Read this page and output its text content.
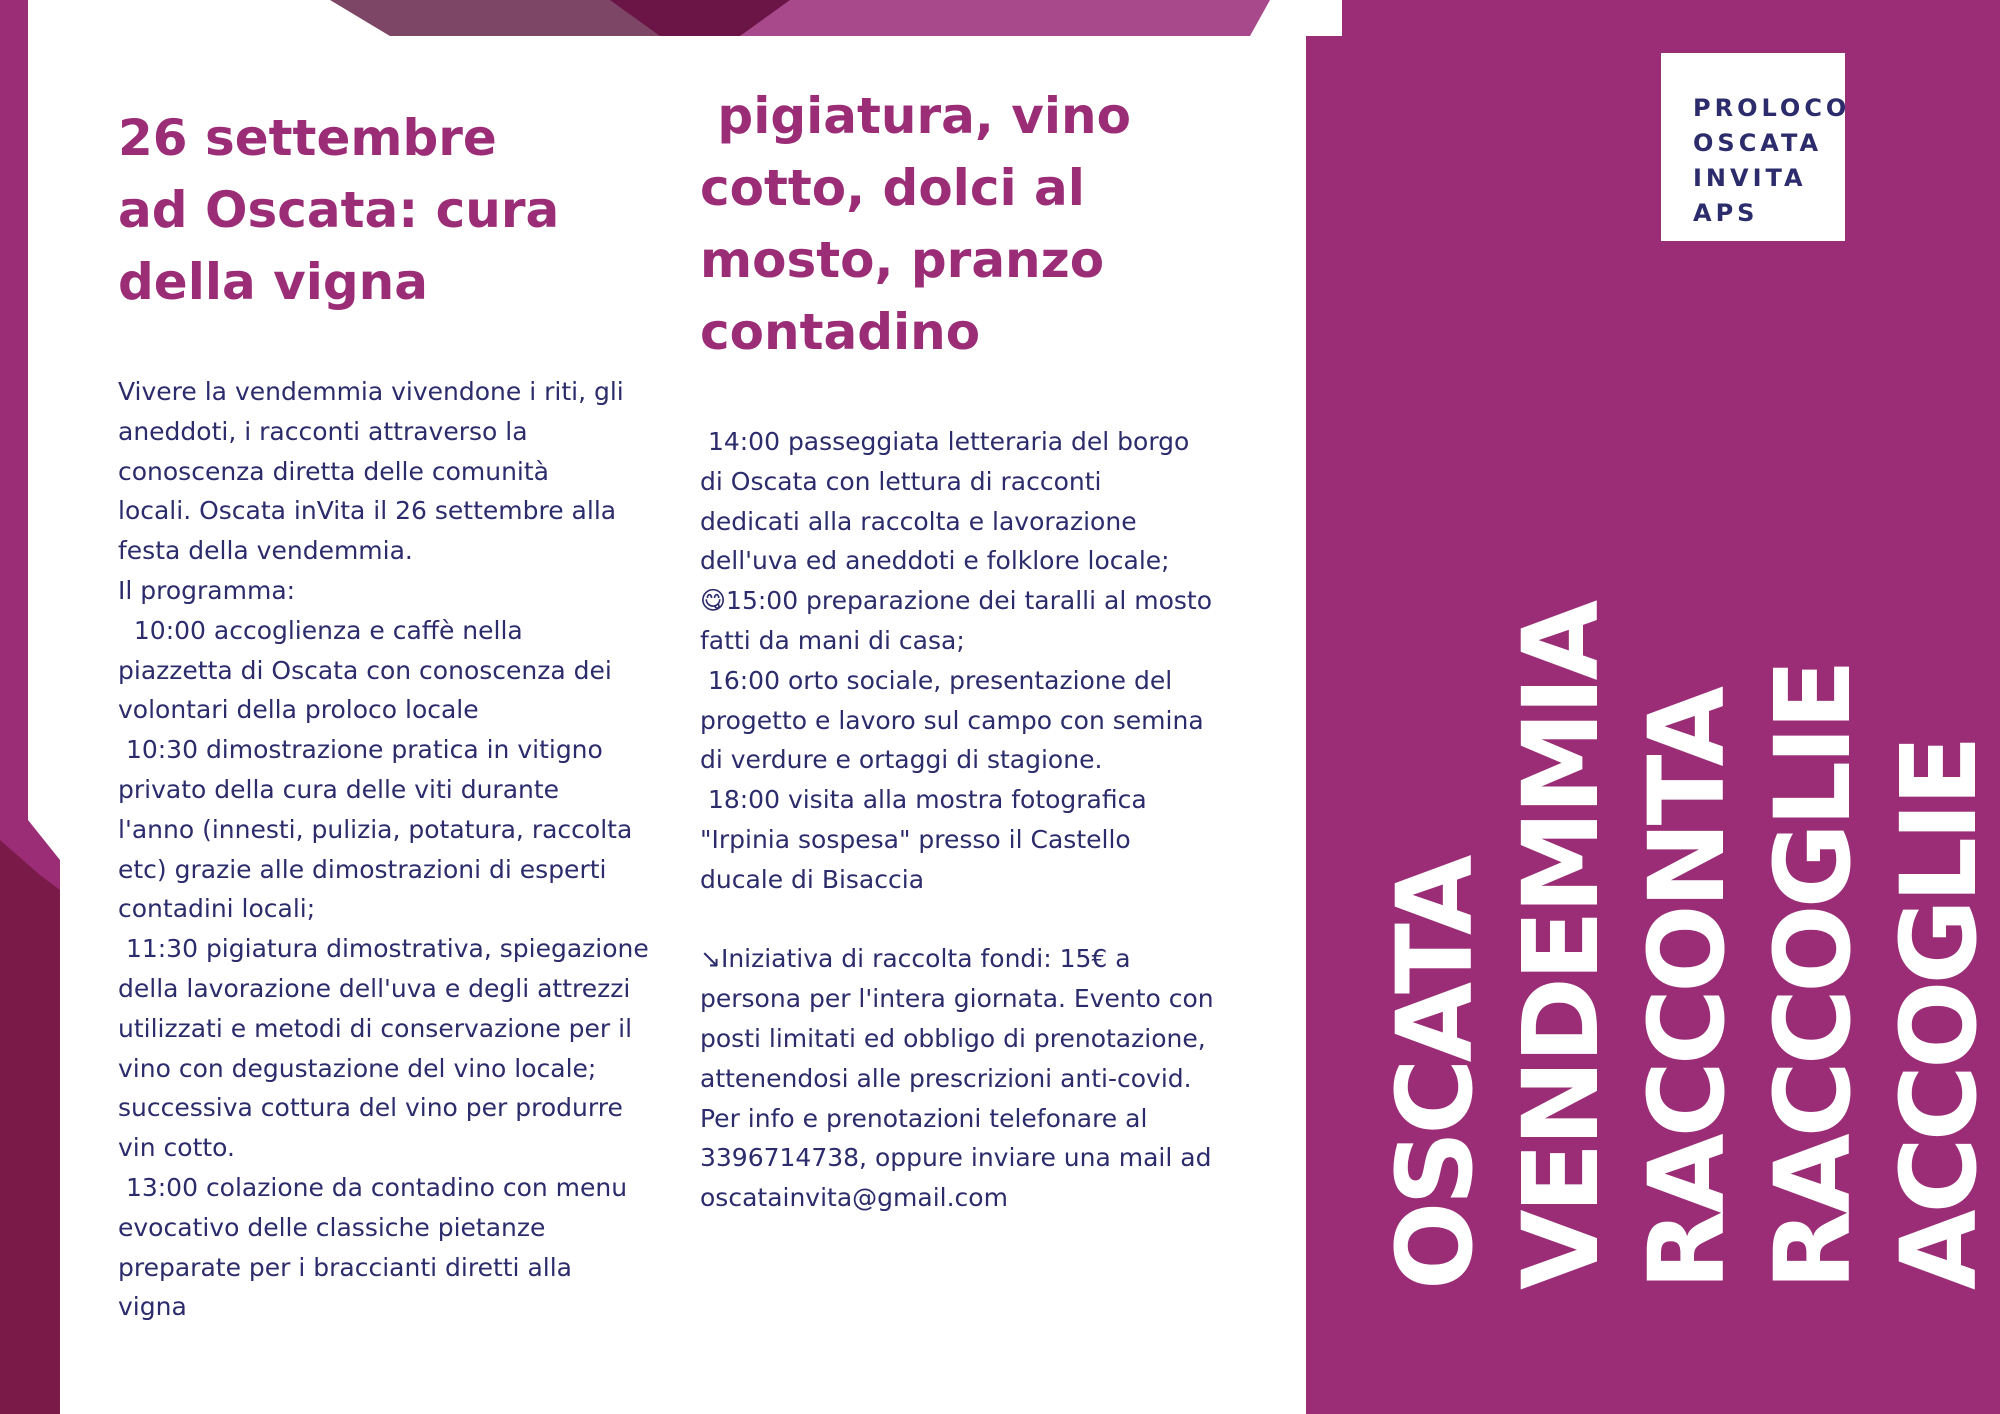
PROLOCO
OSCATA
INVITA
APS
26 settembre
ad Oscata: cura
della vigna

Vivere la vendemmia vivendone i riti, gli
aneddoti, i racconti attraverso la
conoscenza diretta delle comunità
locali. Oscata inVita il 26 settembre alla
festa della vendemmia.
Il programma:
10:00 accoglienza e caffè nella
piazzetta di Oscata con conoscenza dei
volontari della proloco locale
10:30 dimostrazione pratica in vitigno
privato della cura delle viti durante
l'anno (innesti, pulizia, potatura, raccolta
etc) grazie alle dimostrazioni di esperti
contadini locali;
11:30 pigiatura dimostrativa, spiegazione
della lavorazione dell'uva e degli attrezzi
utilizzati e metodi di conservazione per il
vino con degustazione del vino locale;
successiva cottura del vino per produrre
vin cotto.
13:00 colazione da contadino con menu
evocativo delle classiche pietanze
preparate per i braccianti diretti alla
vigna

pigiatura, vino
cotto, dolci al
mosto, pranzo
contadino

14:00 passeggiata letteraria del borgo
di Oscata con lettura di racconti
dedicati alla raccolta e lavorazione
dell'uva ed aneddoti e folklore locale;
😋15:00 preparazione dei taralli al mosto
fatti da mani di casa;
16:00 orto sociale, presentazione del
progetto e lavoro sul campo con semina
di verdure e ortaggi di stagione.
18:00 visita alla mostra fotografica
"Irpinia sospesa" presso il Castello
ducale di Bisaccia

↘Iniziativa di raccolta fondi: 15€ a
persona per l'intera giornata. Evento con
posti limitati ed obbligo di prenotazione,
attenendosi alle prescrizioni anti-covid.
Per info e prenotazioni telefonare al
3396714738, oppure inviare una mail ad
oscatainvita@gmail.com	OSCATA VENDEMMIA RACCONTA RACCOGLIE ACCOGLIE
